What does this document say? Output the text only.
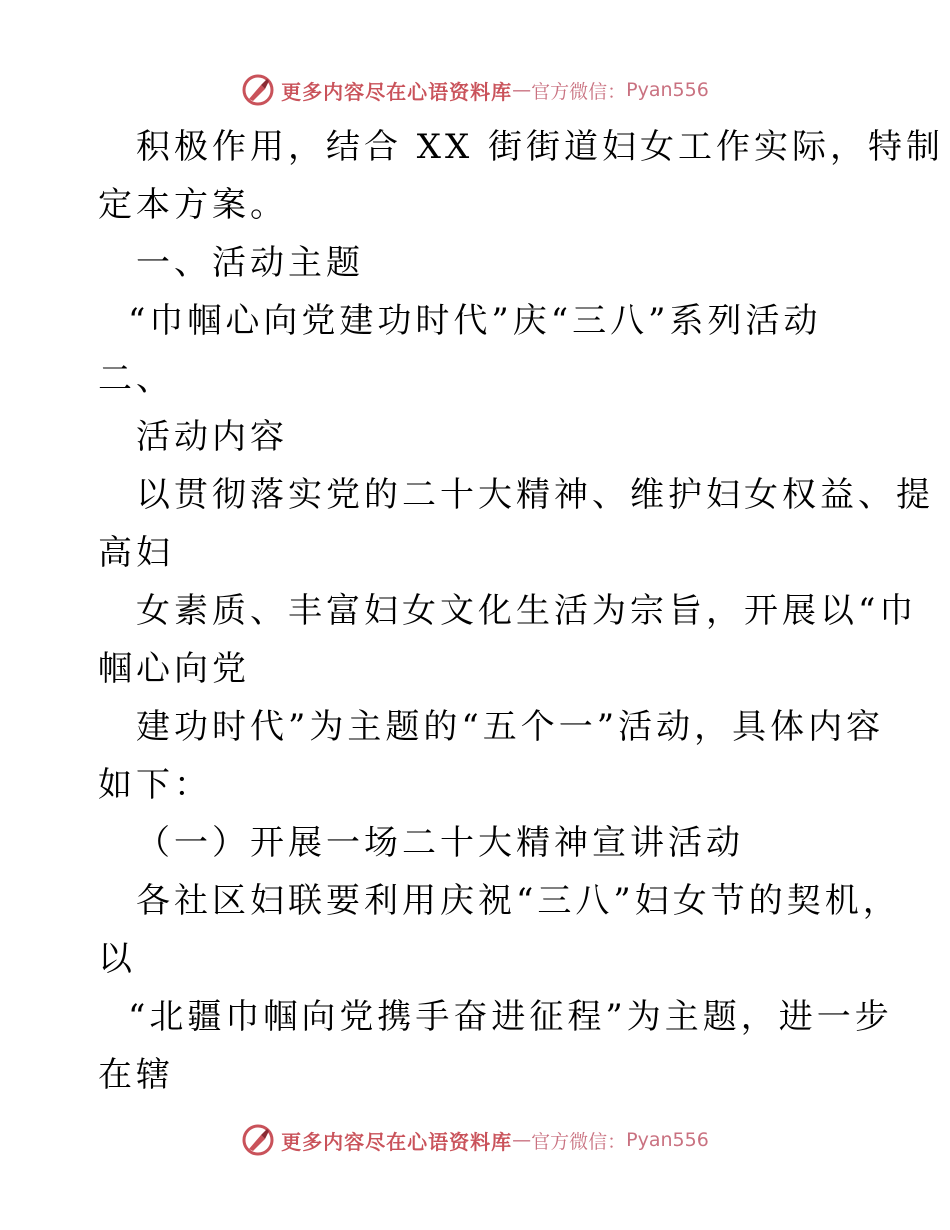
更多内容尽在心语资料库 — 官方微信： Pyan556
积极作用，结合 XX 街街道妇女工作实际，特制
定本方案。
一、活动主题
“巾帼心向党建功时代”庆“三八”系列活动
二、
活动内容
以贯彻落实党的二十大精神、维护妇女权益、提
高妇
女素质、丰富妇女文化生活为宗旨，开展以“巾
帼心向党
建功时代”为主题的“五个一”活动，具体内容
如下：
（一）开展一场二十大精神宣讲活动
各社区妇联要利用庆祝“三八”妇女节的契机，
以
“北疆巾帼向党携手奋进征程”为主题，进一步
在辖
更多内容尽在心语资料库 — 官方微信： Pyan556
